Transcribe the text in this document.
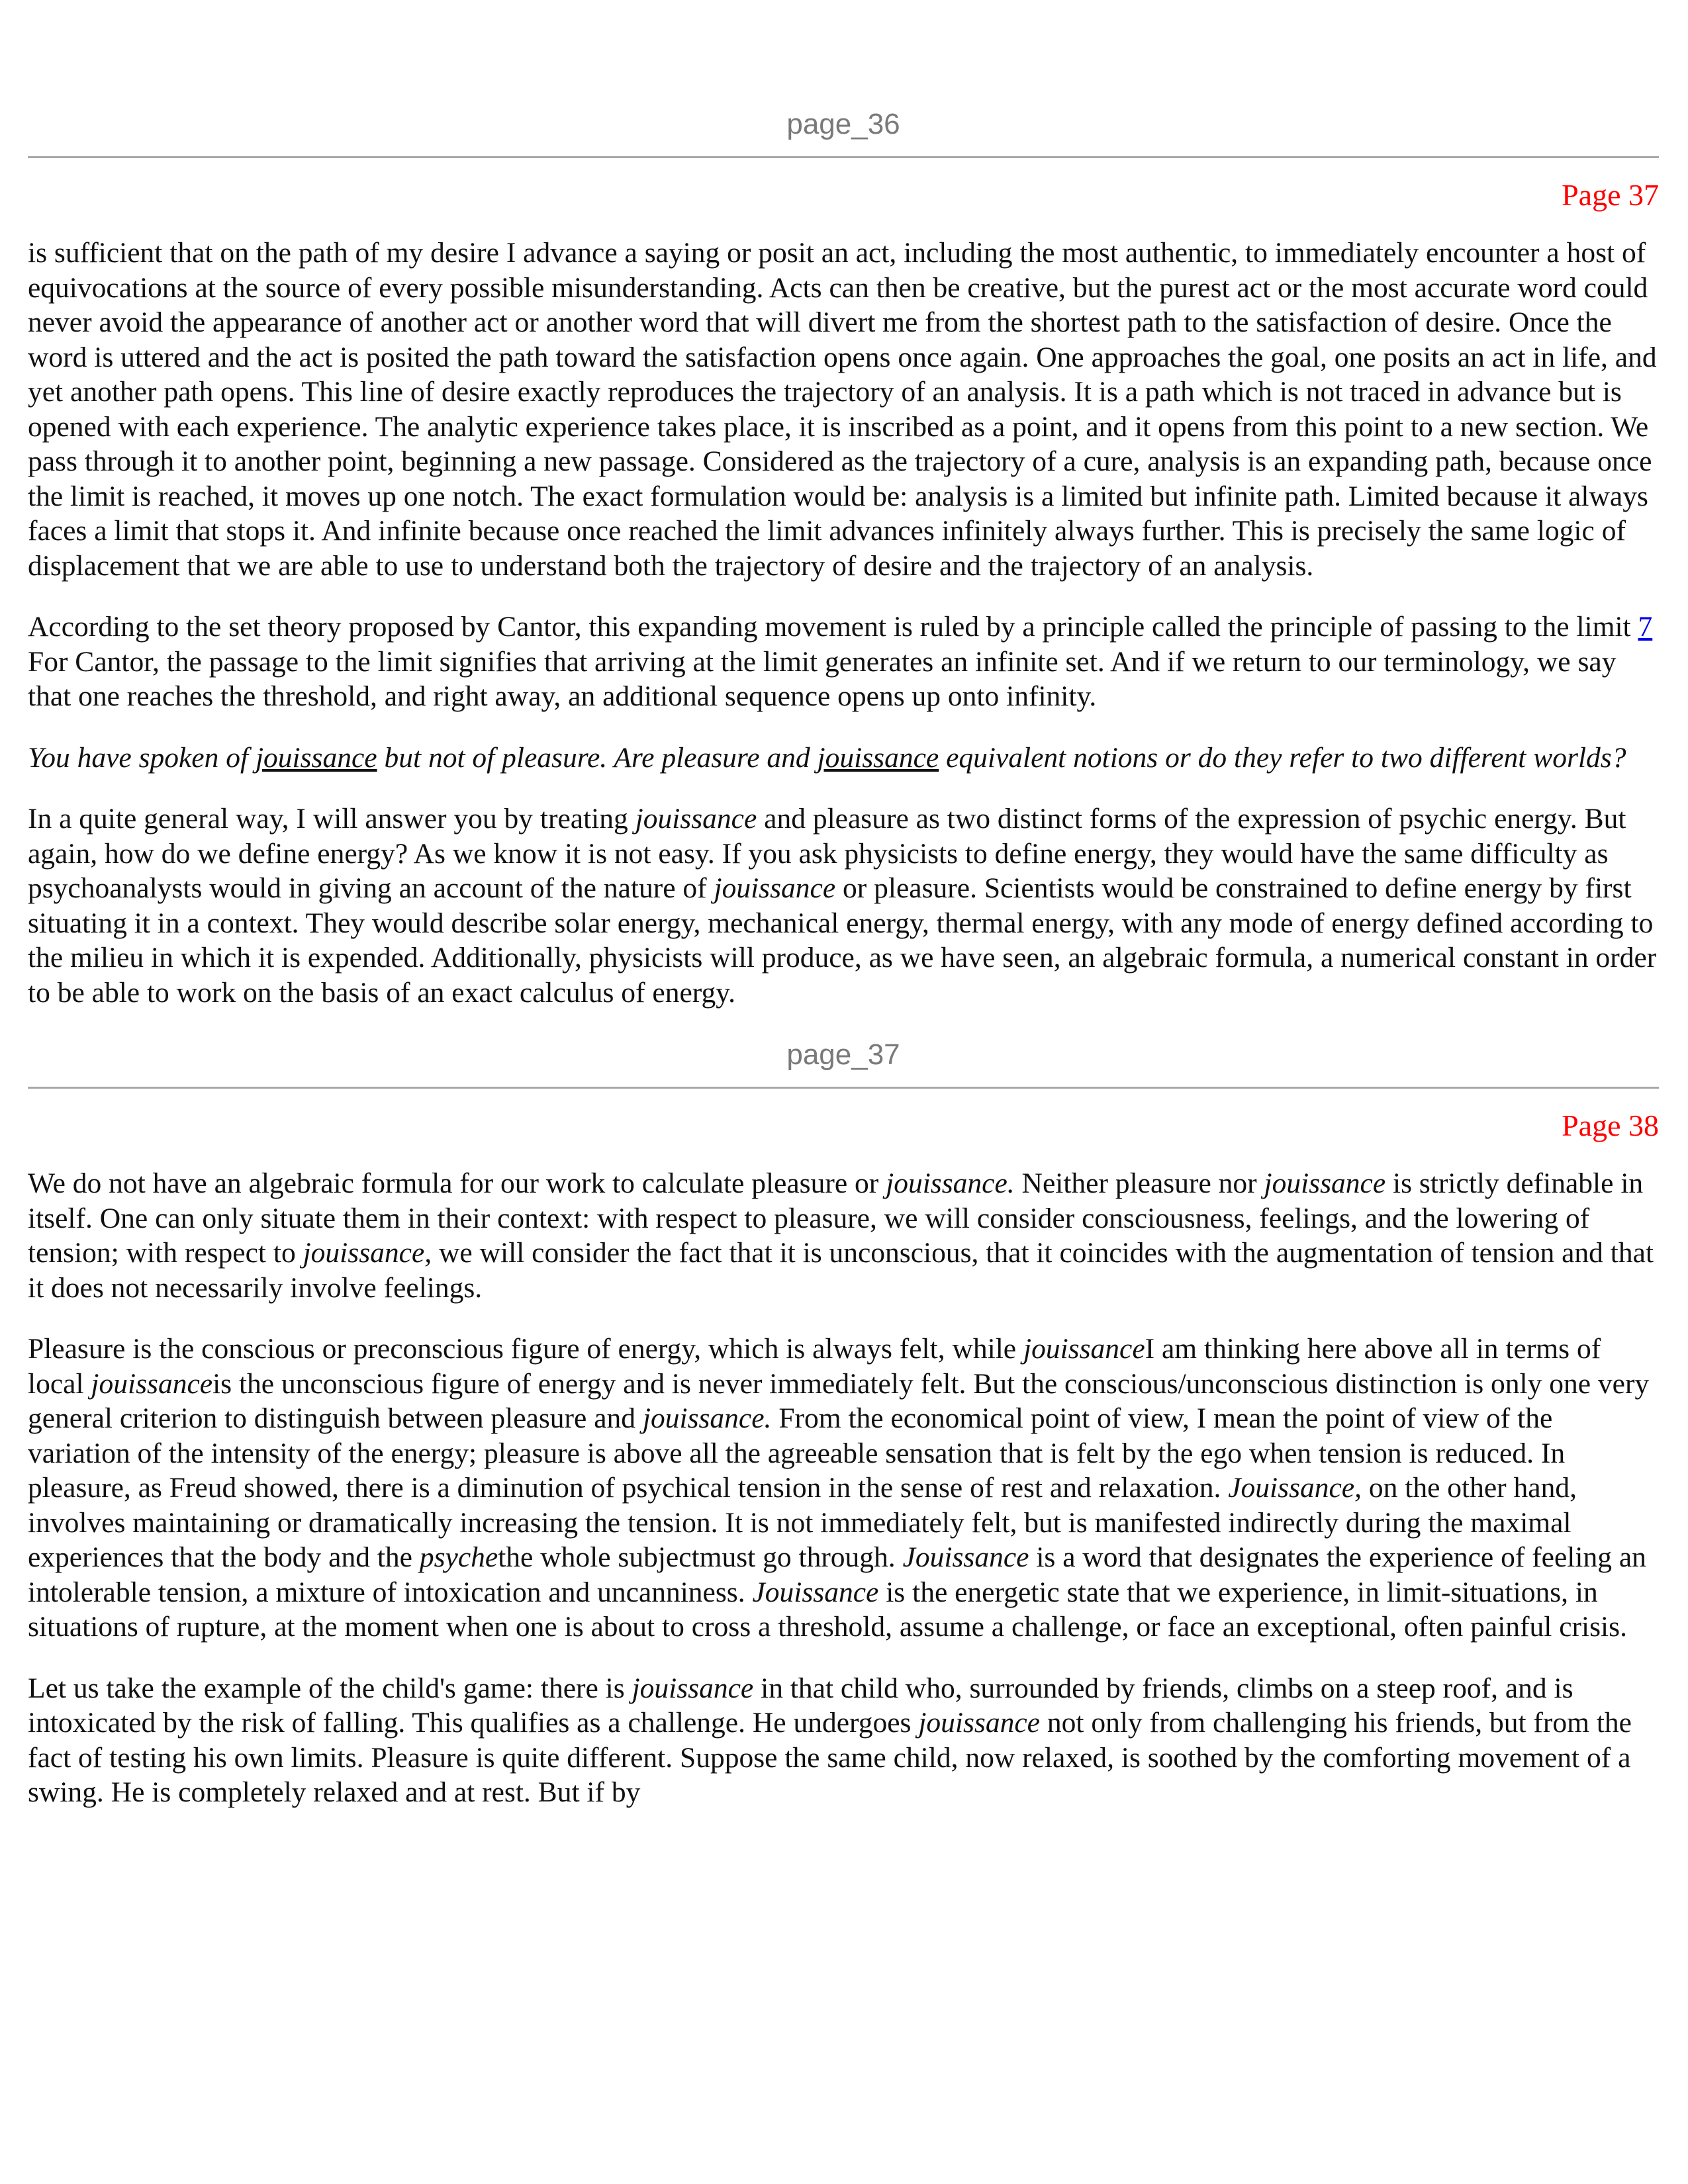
page_36
Page 37

is sufficient that on the path of my desire I advance a saying or posit an act, including the most authentic, to immediately encounter a host of equivocations at the source of every possible misunderstanding. Acts can then be creative, but the purest act or the most accurate word could never avoid the appearance of another act or another word that will divert me from the shortest path to the satisfaction of desire. Once the word is uttered and the act is posited the path toward the satisfaction opens once again. One approaches the goal, one posits an act in life, and yet another path opens. This line of desire exactly reproduces the trajectory of an analysis. It is a path which is not traced in advance but is opened with each experience. The analytic experience takes place, it is inscribed as a point, and it opens from this point to a new section. We pass through it to another point, beginning a new passage. Considered as the trajectory of a cure, analysis is an expanding path, because once the limit is reached, it moves up one notch. The exact formulation would be: analysis is a limited but infinite path. Limited because it always faces a limit that stops it. And infinite because once reached the limit advances infinitely always further. This is precisely the same logic of displacement that we are able to use to understand both the trajectory of desire and the trajectory of an analysis.

According to the set theory proposed by Cantor, this expanding movement is ruled by a principle called the principle of passing to the limit 7 For Cantor, the passage to the limit signifies that arriving at the limit generates an infinite set. And if we return to our terminology, we say that one reaches the threshold, and right away, an additional sequence opens up onto infinity.

You have spoken of jouissance but not of pleasure. Are pleasure and jouissance equivalent notions or do they refer to two different worlds?

In a quite general way, I will answer you by treating jouissance and pleasure as two distinct forms of the expression of psychic energy. But again, how do we define energy? As we know it is not easy. If you ask physicists to define energy, they would have the same difficulty as psychoanalysts would in giving an account of the nature of jouissance or pleasure. Scientists would be constrained to define energy by first situating it in a context. They would describe solar energy, mechanical energy, thermal energy, with any mode of energy defined according to the milieu in which it is expended. Additionally, physicists will produce, as we have seen, an algebraic formula, a numerical constant in order to be able to work on the basis of an exact calculus of energy.

page_37
Page 38

We do not have an algebraic formula for our work to calculate pleasure or jouissance. Neither pleasure nor jouissance is strictly definable in itself. One can only situate them in their context: with respect to pleasure, we will consider consciousness, feelings, and the lowering of tension; with respect to jouissance, we will consider the fact that it is unconscious, that it coincides with the augmentation of tension and that it does not necessarily involve feelings.

Pleasure is the conscious or preconscious figure of energy, which is always felt, while jouissanceI am thinking here above all in terms of local jouissanceis the unconscious figure of energy and is never immediately felt. But the conscious/unconscious distinction is only one very general criterion to distinguish between pleasure and jouissance. From the economical point of view, I mean the point of view of the variation of the intensity of the energy; pleasure is above all the agreeable sensation that is felt by the ego when tension is reduced. In pleasure, as Freud showed, there is a diminution of psychical tension in the sense of rest and relaxation. Jouissance, on the other hand, involves maintaining or dramatically increasing the tension. It is not immediately felt, but is manifested indirectly during the maximal experiences that the body and the psychethe whole subjectmust go through. Jouissance is a word that designates the experience of feeling an intolerable tension, a mixture of intoxication and uncanniness. Jouissance is the energetic state that we experience, in limit-situations, in situations of rupture, at the moment when one is about to cross a threshold, assume a challenge, or face an exceptional, often painful crisis.

Let us take the example of the child's game: there is jouissance in that child who, surrounded by friends, climbs on a steep roof, and is intoxicated by the risk of falling. This qualifies as a challenge. He undergoes jouissance not only from challenging his friends, but from the fact of testing his own limits. Pleasure is quite different. Suppose the same child, now relaxed, is soothed by the comforting movement of a swing. He is completely relaxed and at rest. But if by
